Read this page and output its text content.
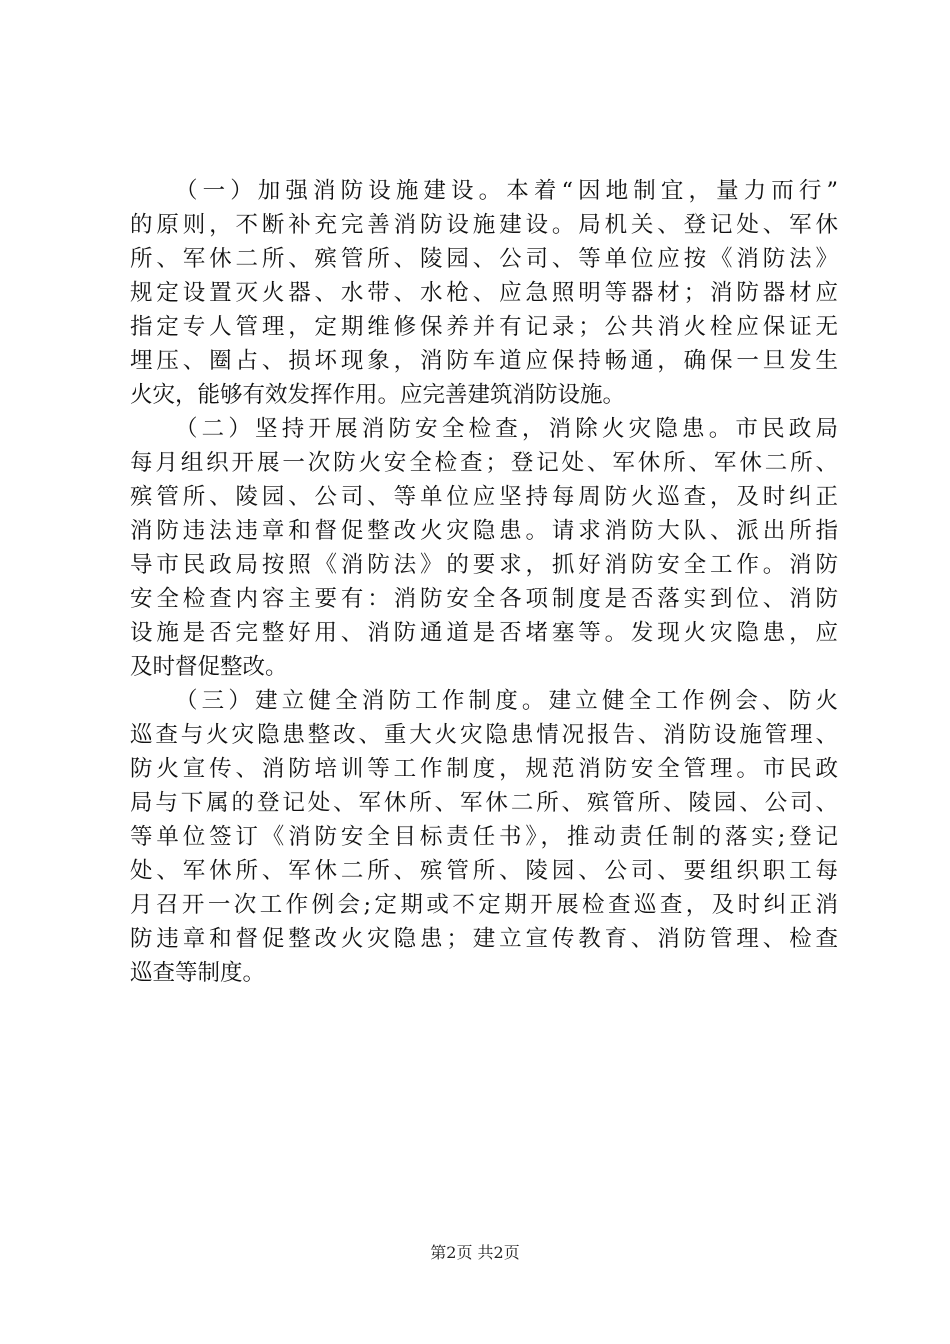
（一）加强消防设施建设。本着“因地制宜，量力而行”
的原则，不断补充完善消防设施建设。局机关、登记处、军休
所、军休二所、殡管所、陵园、公司、等单位应按《消防法》
规定设置灭火器、水带、水枪、应急照明等器材；消防器材应
指定专人管理，定期维修保养并有记录；公共消火栓应保证无
埋压、圈占、损坏现象，消防车道应保持畅通，确保一旦发生
火灾，能够有效发挥作用。应完善建筑消防设施。
（二）坚持开展消防安全检查，消除火灾隐患。市民政局
每月组织开展一次防火安全检查；登记处、军休所、军休二所、
殡管所、陵园、公司、等单位应坚持每周防火巡查，及时纠正
消防违法违章和督促整改火灾隐患。请求消防大队、派出所指
导市民政局按照《消防法》的要求，抓好消防安全工作。消防
安全检查内容主要有：消防安全各项制度是否落实到位、消防
设施是否完整好用、消防通道是否堵塞等。发现火灾隐患，应
及时督促整改。
（三）建立健全消防工作制度。建立健全工作例会、防火
巡查与火灾隐患整改、重大火灾隐患情况报告、消防设施管理、
防火宣传、消防培训等工作制度，规范消防安全管理。市民政
局与下属的登记处、军休所、军休二所、殡管所、陵园、公司、
等单位签订《消防安全目标责任书》，推动责任制的落实;登记
处、军休所、军休二所、殡管所、陵园、公司、要组织职工每
月召开一次工作例会;定期或不定期开展检查巡查，及时纠正消
防违章和督促整改火灾隐患；建立宣传教育、消防管理、检查
巡查等制度。
第2页 共2页
